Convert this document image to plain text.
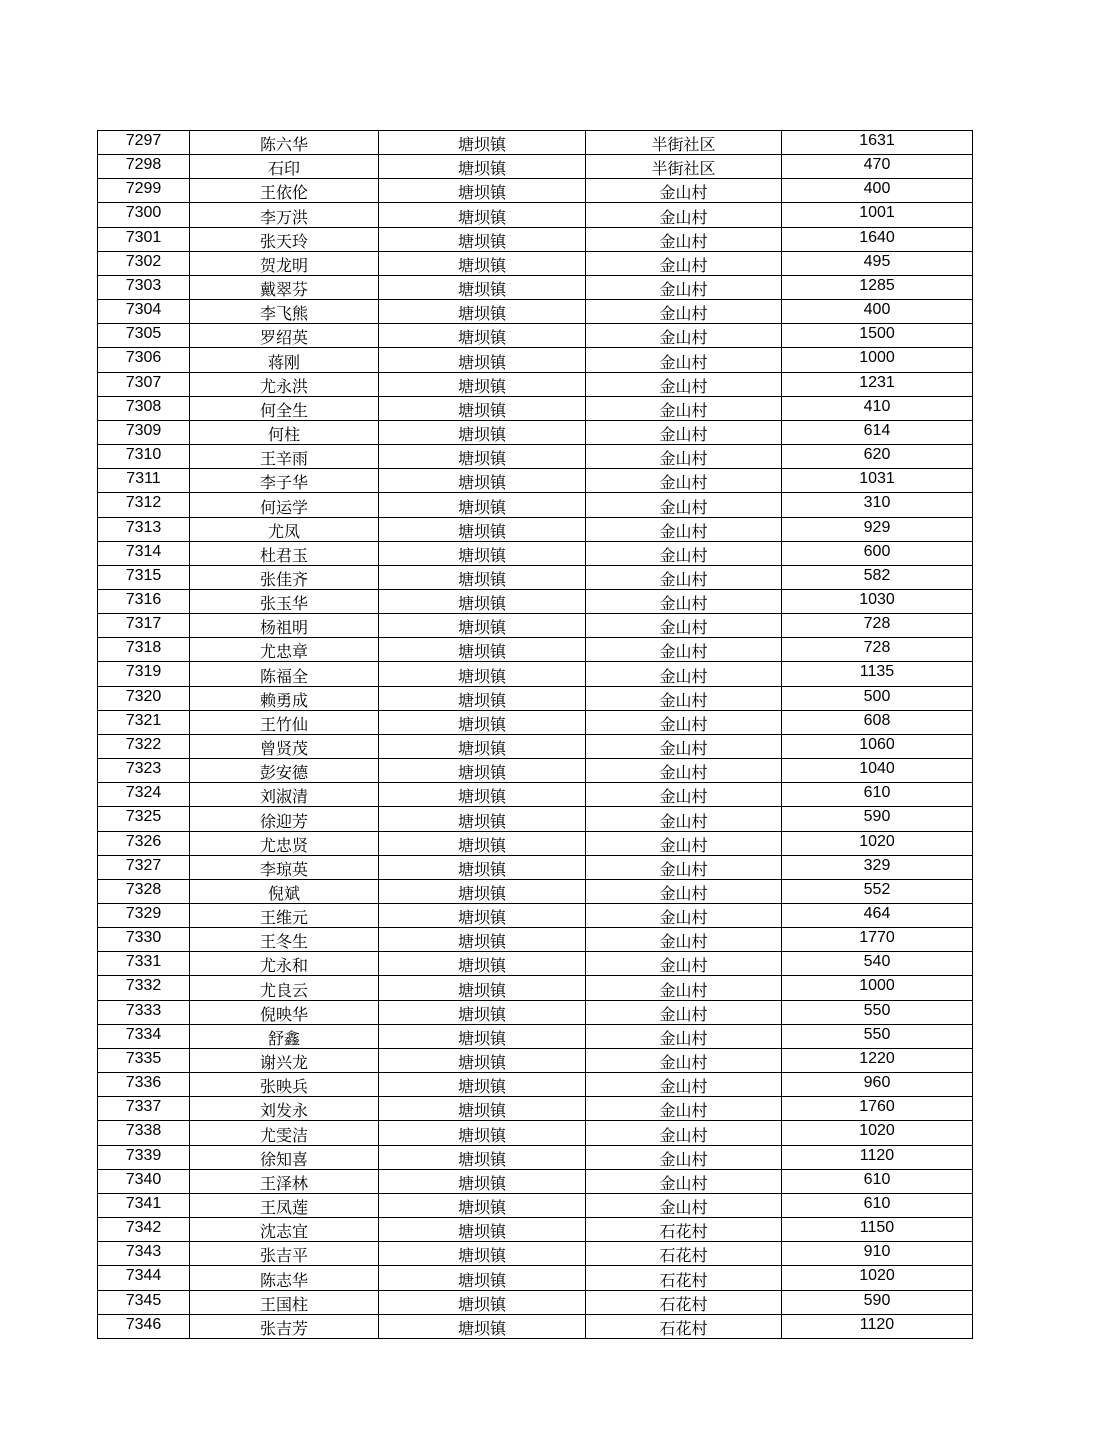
7297	陈六华	塘坝镇	半街社区	1631
7298	石印	塘坝镇	半街社区	470
7299	王依伦	塘坝镇	金山村	400
7300	李万洪	塘坝镇	金山村	1001
7301	张天玲	塘坝镇	金山村	1640
7302	贺龙明	塘坝镇	金山村	495
7303	戴翠芬	塘坝镇	金山村	1285
7304	李飞熊	塘坝镇	金山村	400
7305	罗绍英	塘坝镇	金山村	1500
7306	蒋刚	塘坝镇	金山村	1000
7307	尤永洪	塘坝镇	金山村	1231
7308	何全生	塘坝镇	金山村	410
7309	何柱	塘坝镇	金山村	614
7310	王辛雨	塘坝镇	金山村	620
7311	李子华	塘坝镇	金山村	1031
7312	何运学	塘坝镇	金山村	310
7313	尤凤	塘坝镇	金山村	929
7314	杜君玉	塘坝镇	金山村	600
7315	张佳齐	塘坝镇	金山村	582
7316	张玉华	塘坝镇	金山村	1030
7317	杨祖明	塘坝镇	金山村	728
7318	尤忠章	塘坝镇	金山村	728
7319	陈福全	塘坝镇	金山村	1135
7320	赖勇成	塘坝镇	金山村	500
7321	王竹仙	塘坝镇	金山村	608
7322	曾贤茂	塘坝镇	金山村	1060
7323	彭安德	塘坝镇	金山村	1040
7324	刘淑清	塘坝镇	金山村	610
7325	徐迎芳	塘坝镇	金山村	590
7326	尤忠贤	塘坝镇	金山村	1020
7327	李琼英	塘坝镇	金山村	329
7328	倪斌	塘坝镇	金山村	552
7329	王维元	塘坝镇	金山村	464
7330	王冬生	塘坝镇	金山村	1770
7331	尤永和	塘坝镇	金山村	540
7332	尤良云	塘坝镇	金山村	1000
7333	倪映华	塘坝镇	金山村	550
7334	舒鑫	塘坝镇	金山村	550
7335	谢兴龙	塘坝镇	金山村	1220
7336	张映兵	塘坝镇	金山村	960
7337	刘发永	塘坝镇	金山村	1760
7338	尤雯洁	塘坝镇	金山村	1020
7339	徐知喜	塘坝镇	金山村	1120
7340	王泽林	塘坝镇	金山村	610
7341	王凤莲	塘坝镇	金山村	610
7342	沈志宜	塘坝镇	石花村	1150
7343	张吉平	塘坝镇	石花村	910
7344	陈志华	塘坝镇	石花村	1020
7345	王国柱	塘坝镇	石花村	590
7346	张吉芳	塘坝镇	石花村	1120
